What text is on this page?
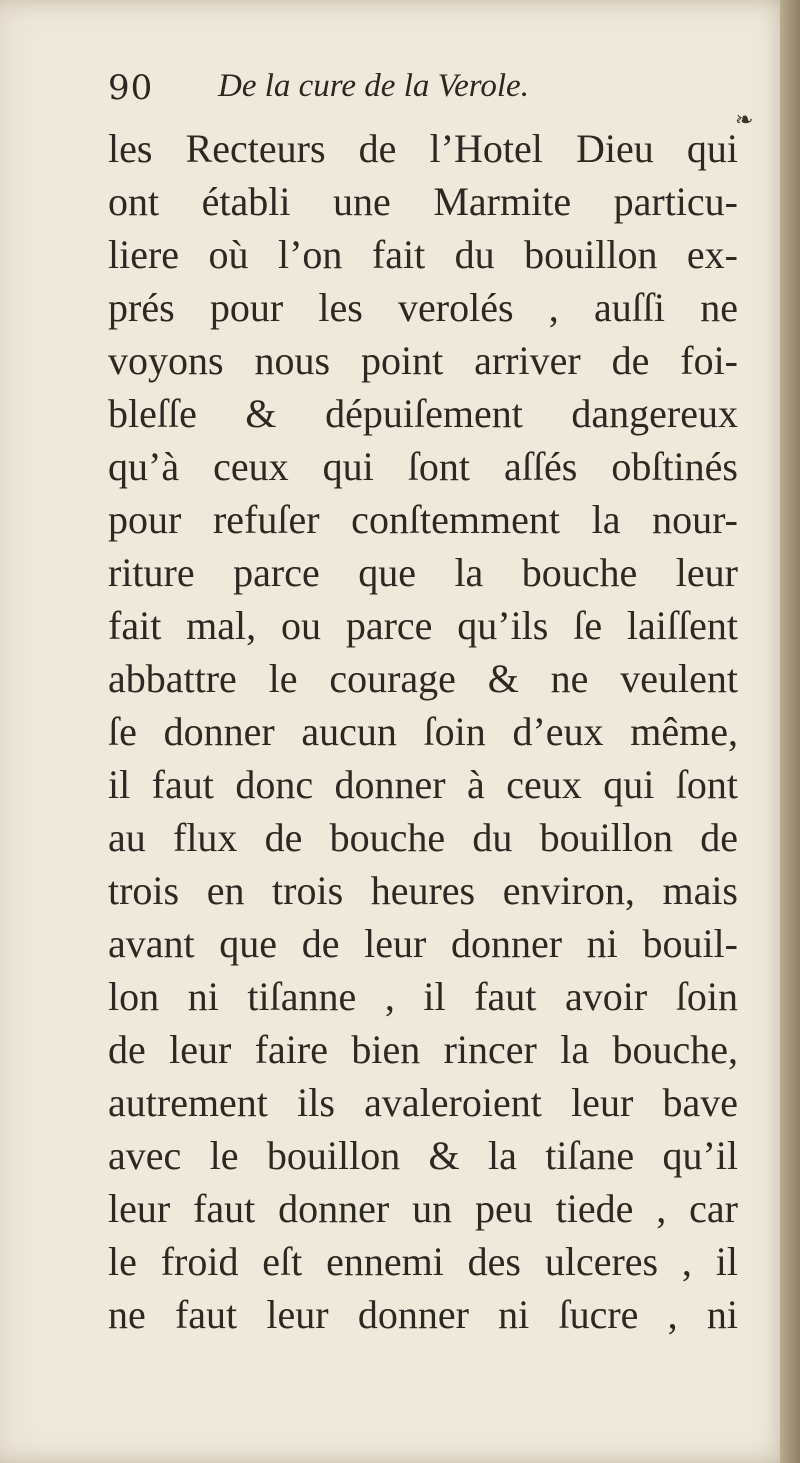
90 De la cure de la Verole.
❧
les Recteurs de l’Hotel Dieu qui
ont établi une Marmite particu-
liere où l’on fait du bouillon ex-
prés pour les verolés , auſſi ne
voyons nous point arriver de foi-
bleſſe & dépuiſement dangereux
qu’à ceux qui ſont aſſés obſtinés
pour refuſer conſtemment la nour-
riture parce que la bouche leur
fait mal, ou parce qu’ils ſe laiſſent
abbattre le courage & ne veulent
ſe donner aucun ſoin d’eux même,
il faut donc donner à ceux qui ſont
au flux de bouche du bouillon de
trois en trois heures environ, mais
avant que de leur donner ni bouil-
lon ni tiſanne , il faut avoir ſoin
de leur faire bien rincer la bouche,
autrement ils avaleroient leur bave
avec le bouillon & la tiſane qu’il
leur faut donner un peu tiede , car
le froid eſt ennemi des ulceres , il
ne faut leur donner ni ſucre , ni
